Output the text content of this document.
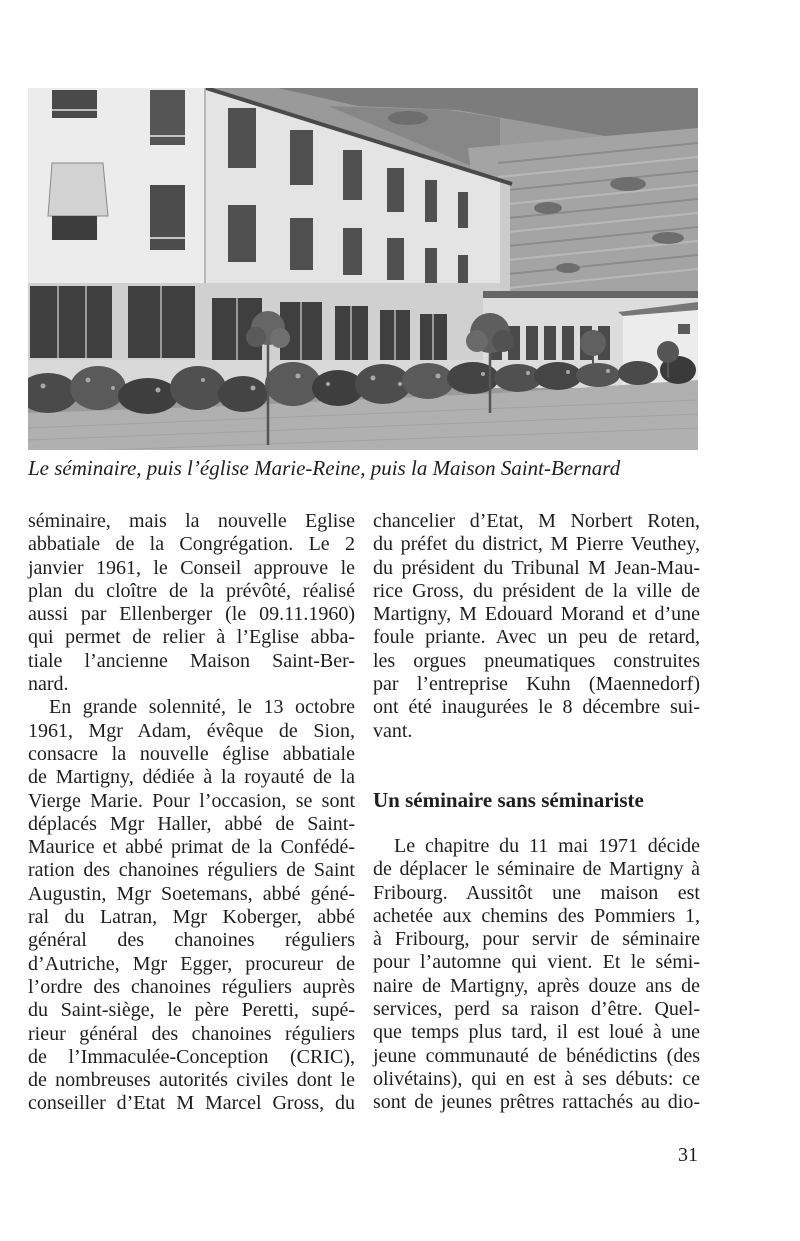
Le séminaire, puis l’église Marie-Reine, puis la Maison Saint-Bernard
séminaire, mais la nouvelle Eglise
abbatiale de la Congrégation. Le 2
janvier 1961, le Conseil approuve le
plan du cloître de la prévôté, réalisé
aussi par Ellenberger (le 09.11.1960)
qui permet de relier à l’Eglise abba-
tiale l’ancienne Maison Saint-Ber-
nard.
En grande solennité, le 13 octobre
1961, Mgr Adam, évêque de Sion,
consacre la nouvelle église abbatiale
de Martigny, dédiée à la royauté de la
Vierge Marie. Pour l’occasion, se sont
déplacés Mgr Haller, abbé de Saint-
Maurice et abbé primat de la Confédé-
ration des chanoines réguliers de Saint
Augustin, Mgr Soetemans, abbé géné-
ral du Latran, Mgr Koberger, abbé
général des chanoines réguliers
d’Autriche, Mgr Egger, procureur de
l’ordre des chanoines réguliers auprès
du Saint-siège, le père Peretti, supé-
rieur général des chanoines réguliers
de l’Immaculée-Conception (CRIC),
de nombreuses autorités civiles dont le
conseiller d’Etat M Marcel Gross, du
chancelier d’Etat, M Norbert Roten,
du préfet du district, M Pierre Veuthey,
du président du Tribunal M Jean-Mau-
rice Gross, du président de la ville de
Martigny, M Edouard Morand et d’une
foule priante. Avec un peu de retard,
les orgues pneumatiques construites
par l’entreprise Kuhn (Maennedorf)
ont été inaugurées le 8 décembre sui-
vant.
Un séminaire sans séminariste
Le chapitre du 11 mai 1971 décide
de déplacer le séminaire de Martigny à
Fribourg. Aussitôt une maison est
achetée aux chemins des Pommiers 1,
à Fribourg, pour servir de séminaire
pour l’automne qui vient. Et le sémi-
naire de Martigny, après douze ans de
services, perd sa raison d’être. Quel-
que temps plus tard, il est loué à une
jeune communauté de bénédictins (des
olivétains), qui en est à ses débuts: ce
sont de jeunes prêtres rattachés au dio-
31
